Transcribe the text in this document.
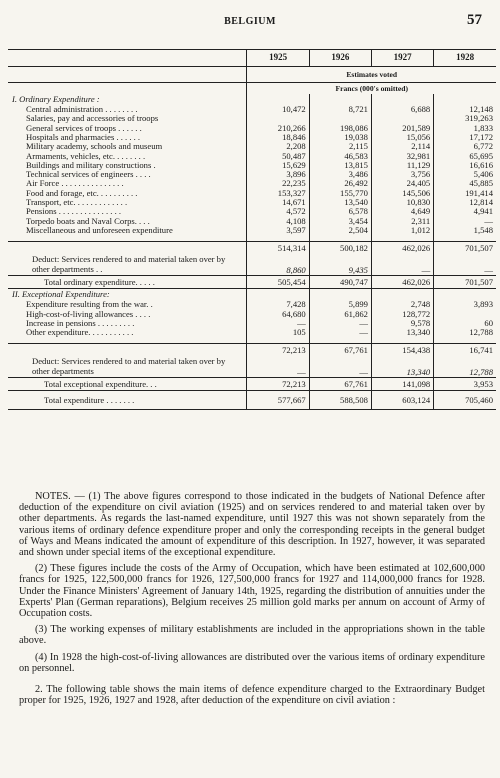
BELGIUM	57
	1925	1926	1927	1928
	Estimates voted			
	Francs (000's omitted)			
I. Ordinary Expenditure :				
Central administration . . . . . . . .	10,472	8,721	6,688	12,148
Salaries, pay and accessories of troops				319,263
General services of troops . . . . . .	210,266	198,086	201,589	1,833
Hospitals and pharmacies . . . . . .	18,846	19,038	15,056	17,172
Military academy, schools and museum	2,208	2,115	2,114	6,772
Armaments, vehicles, etc. . . . . . . .	50,487	46,583	32,981	65,695
Buildings and military constructions .	15,629	13,815	11,129	16,616
Technical services of engineers . . . .	3,896	3,486	3,756	5,406
Air Force . . . . . . . . . . . . . . .	22,235	26,492	24,405	45,885
Food and forage, etc. . . . . . . . . .	153,327	155,770	145,506	191,414
Transport, etc. . . . . . . . . . . . .	14,671	13,540	10,830	12,814
Pensions . . . . . . . . . . . . . . .	4,572	6,578	4,649	4,941
Torpedo boats and Naval Corps. . . .	4,108	3,454	2,311	—
Miscellaneous and unforeseen expenditure	3,597	2,504	1,012	1,548

	514,314	500,182	462,026	701,507
Deduct: Services rendered to and material taken over by other departments . .	8,860	9,435	—	—
Total ordinary expenditure. . . . .	505,454	490,747	462,026	701,507
II. Exceptional Expenditure:				
Expenditure resulting from the war. .	7,428	5,899	2,748	3,893
High-cost-of-living allowances . . . .	64,680	61,862	128,772	
Increase in pensions . . . . . . . . .	—	—	9,578	60
Other expenditure. . . . . . . . . . .	105	—	13,340	12,788

	72,213	67,761	154,438	16,741
Deduct: Services rendered to and material taken over by other departments	—	—	13,340	12,788
Total exceptional expenditure. . .	72,213	67,761	141,098	3,953
Total expenditure . . . . . . .	577,667	588,508	603,124	705,460

NOTES. — (1) The above figures correspond to those indicated in the budgets of National Defence after deduction of the expenditure on civil aviation (1925) and on services rendered to and material taken over by other departments. As regards the last-named expenditure, until 1927 this was not shown separately from the various items of ordinary defence expenditure proper and only the corresponding receipts in the general budget of Ways and Means indicated the amount of expenditure of this description. In 1927, however, it was separated and shown under special items of the exceptional expenditure.

(2) These figures include the costs of the Army of Occupation, which have been estimated at 102,600,000 francs for 1925, 122,500,000 francs for 1926, 127,500,000 francs for 1927 and 114,000,000 francs for 1928. Under the Finance Ministers' Agreement of January 14th, 1925, regarding the distribution of annuities under the Experts' Plan (German reparations), Belgium receives 25 million gold marks per annum on account of Army of Occupation costs.

(3) The working expenses of military establishments are included in the appropriations shown in the table above.

(4) In 1928 the high-cost-of-living allowances are distributed over the various items of ordinary expenditure on personnel.

2. The following table shows the main items of defence expenditure charged to the Extraordinary Budget proper for 1925, 1926, 1927 and 1928, after deduction of the expenditure on civil aviation :
